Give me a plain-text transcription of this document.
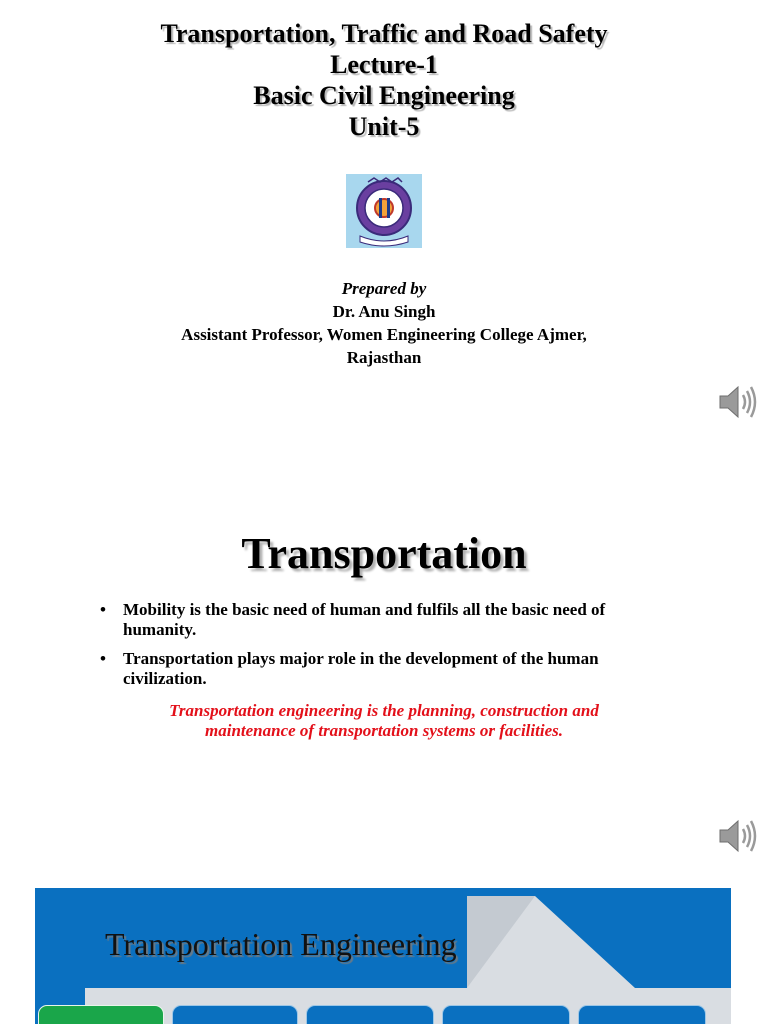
Transportation, Traffic and Road Safety

Lecture-1

Basic Civil Engineering

Unit-5

Prepared by
Dr. Anu Singh
Assistant Professor, Women Engineering College Ajmer,
Rajasthan
Transportation
• Mobility is the basic need of human and fulfils all the basic need of humanity.
• Transportation plays major role in the development of the human civilization.
Transportation engineering is the planning, construction and maintenance of transportation systems or facilities.
Transportation Engineering
